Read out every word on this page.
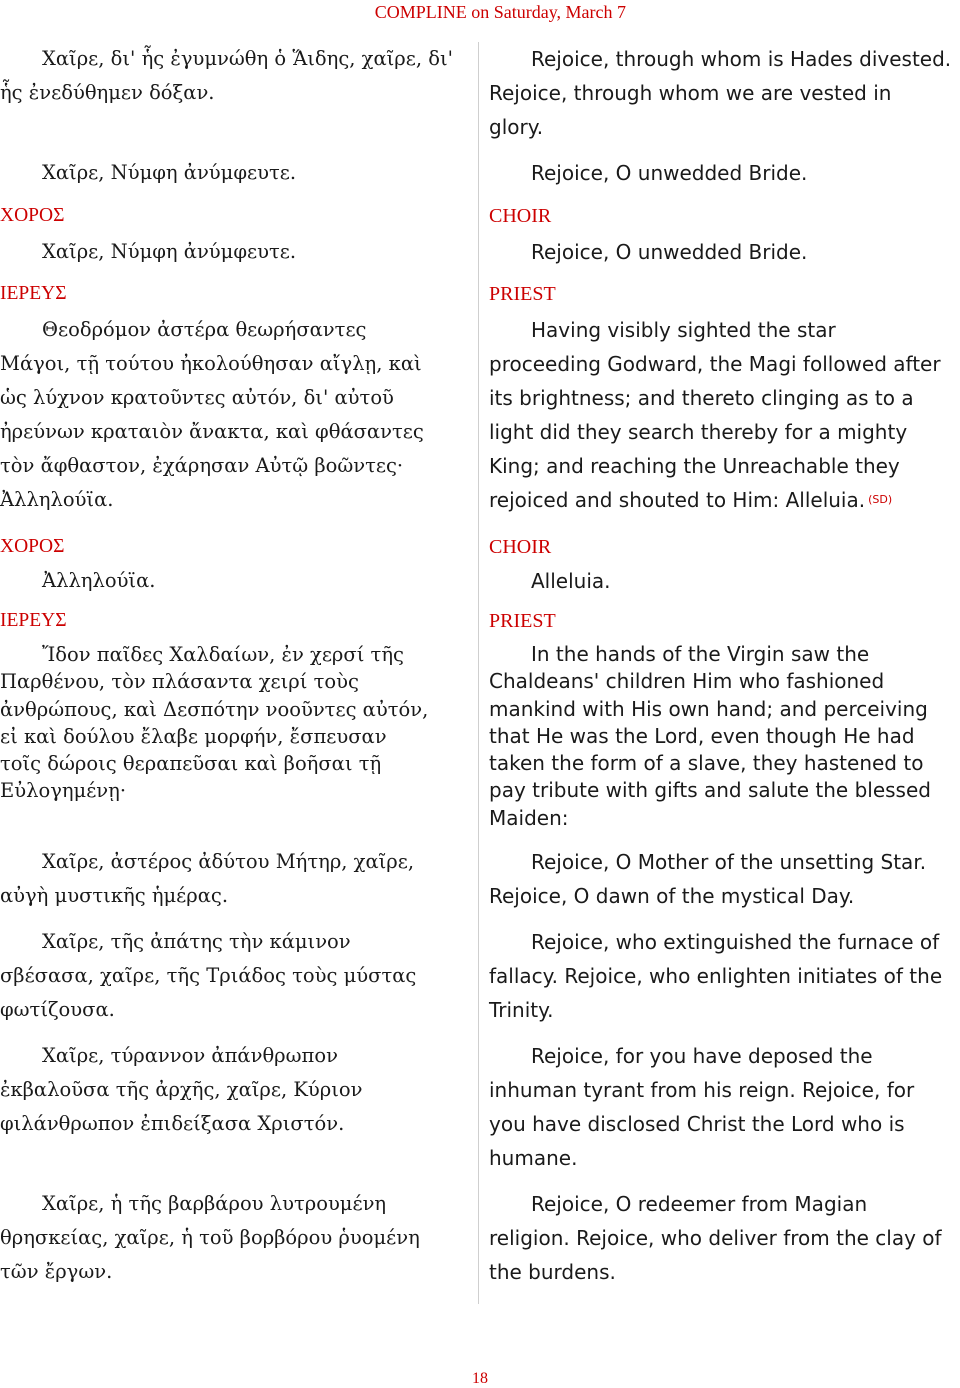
COMPLINE on Saturday, March 7
Χαῖρε, δι' ἧς ἐγυμνώθη ὁ Ἅιδης, χαῖρε, δι'
ἧς ἐνεδύθημεν δόξαν.
Χαῖρε, Νύμφη ἀνύμφευτε.
ΧΟΡΟΣ
Χαῖρε, Νύμφη ἀνύμφευτε.
ΙΕΡΕΥΣ
Θεοδρόμον ἀστέρα θεωρήσαντες
Μάγοι, τῇ τούτου ἠκολούθησαν αἴγλῃ, καὶ
ὡς λύχνον κρατοῦντες αὐτόν, δι' αὐτοῦ
ἠρεύνων κραταιὸν ἄνακτα, καὶ φθάσαντες
τὸν ἄφθαστον, ἐχάρησαν Αὐτῷ βοῶντες·
Ἀλληλούϊα.
ΧΟΡΟΣ
Ἀλληλούϊα.
ΙΕΡΕΥΣ
Ἴδον παῖδες Χαλδαίων, ἐν χερσί τῆς
Παρθένου, τὸν πλάσαντα χειρί τοὺς
ἀνθρώπους, καὶ Δεσπότην νοοῦντες αὐτόν,
εἰ καὶ δούλου ἔλαβε μορφήν, ἔσπευσαν
τοῖς δώροις θεραπεῦσαι καὶ βοῆσαι τῇ
Εὐλογημένῃ·
Χαῖρε, ἀστέρος ἀδύτου Μήτηρ, χαῖρε,
αὐγὴ μυστικῆς ἡμέρας.
Χαῖρε, τῆς ἀπάτης τὴν κάμινον
σβέσασα, χαῖρε, τῆς Τριάδος τοὺς μύστας
φωτίζουσα.
Χαῖρε, τύραννον ἀπάνθρωπον
ἐκβαλοῦσα τῆς ἀρχῆς, χαῖρε, Κύριον
φιλάνθρωπον ἐπιδείξασα Χριστόν.
Χαῖρε, ἡ τῆς βαρβάρου λυτρουμένη
θρησκείας, χαῖρε, ἡ τοῦ βορβόρου ῥυομένη
τῶν ἔργων.
Rejoice, through whom is Hades divested.
Rejoice, through whom we are vested in
glory.
Rejoice, O unwedded Bride.
CHOIR
Rejoice, O unwedded Bride.
PRIEST
Having visibly sighted the star
proceeding Godward, the Magi followed after
its brightness; and thereto clinging as to a
light did they search thereby for a mighty
King; and reaching the Unreachable they
rejoiced and shouted to Him: Alleluia. $^{(SD)}$
CHOIR
Alleluia.
PRIEST
In the hands of the Virgin saw the
Chaldeans' children Him who fashioned
mankind with His own hand; and perceiving
that He was the Lord, even though He had
taken the form of a slave, they hastened to
pay tribute with gifts and salute the blessed
Maiden:
Rejoice, O Mother of the unsetting Star.
Rejoice, O dawn of the mystical Day.
Rejoice, who extinguished the furnace of
fallacy. Rejoice, who enlighten initiates of the
Trinity.
Rejoice, for you have deposed the
inhuman tyrant from his reign. Rejoice, for
you have disclosed Christ the Lord who is
humane.
Rejoice, O redeemer from Magian
religion. Rejoice, who deliver from the clay of
the burdens.
18
